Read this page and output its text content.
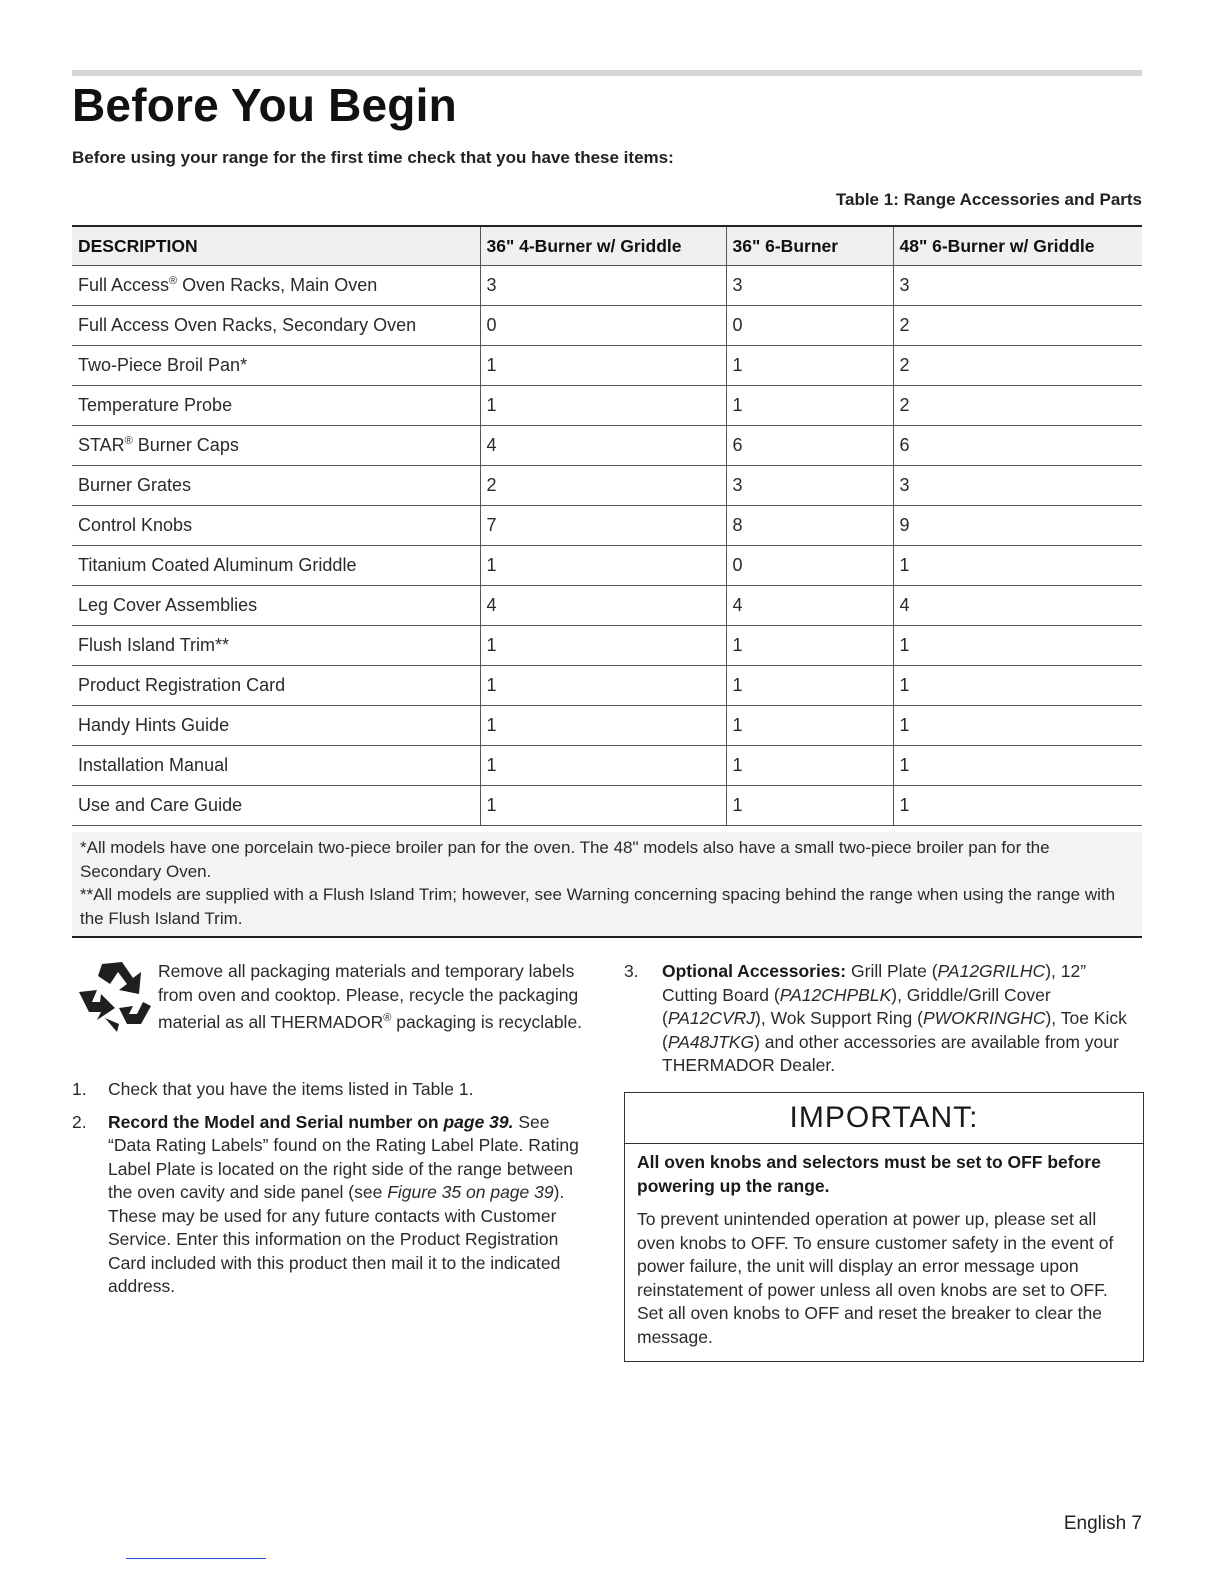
Before You Begin
Before using your range for the first time check that you have these items:
Table 1: Range Accessories and Parts
DESCRIPTION	36" 4-Burner w/ Griddle	36" 6-Burner	48" 6-Burner w/ Griddle
Full Access® Oven Racks, Main Oven	3	3	3
Full Access Oven Racks, Secondary Oven	0	0	2
Two-Piece Broil Pan*	1	1	2
Temperature Probe	1	1	2
STAR® Burner Caps	4	6	6
Burner Grates	2	3	3
Control Knobs	7	8	9
Titanium Coated Aluminum Griddle	1	0	1
Leg Cover Assemblies	4	4	4
Flush Island Trim**	1	1	1
Product Registration Card	1	1	1
Handy Hints Guide	1	1	1
Installation Manual	1	1	1
Use and Care Guide	1	1	1
*All models have one porcelain two-piece broiler pan for the oven. The 48" models also have a small two-piece broiler pan for the Secondary Oven.
**All models are supplied with a Flush Island Trim; however, see Warning concerning spacing behind the range when using the range with the Flush Island Trim.
Remove all packaging materials and temporary labels from oven and cooktop. Please, recycle the packaging material as all THERMADOR® packaging is recyclable.
1. Check that you have the items listed in Table 1.
2. Record the Model and Serial number on page 39. See “Data Rating Labels” found on the Rating Label Plate. Rating Label Plate is located on the right side of the range between the oven cavity and side panel (see Figure 35 on page 39). These may be used for any future contacts with Customer Service. Enter this information on the Product Registration Card included with this product then mail it to the indicated address.
3.	Optional Accessories: Grill Plate (PA12GRILHC), 12” Cutting Board (PA12CHPBLK), Griddle/Grill Cover (PA12CVRJ), Wok Support Ring (PWOKRINGHC), Toe Kick (PA48JTKG) and other accessories are available from your THERMADOR Dealer.
IMPORTANT:
All oven knobs and selectors must be set to OFF before powering up the range.
To prevent unintended operation at power up, please set all oven knobs to OFF. To ensure customer safety in the event of power failure, the unit will display an error message upon reinstatement of power unless all oven knobs are set to OFF. Set all oven knobs to OFF and reset the breaker to clear the message.
English 7
